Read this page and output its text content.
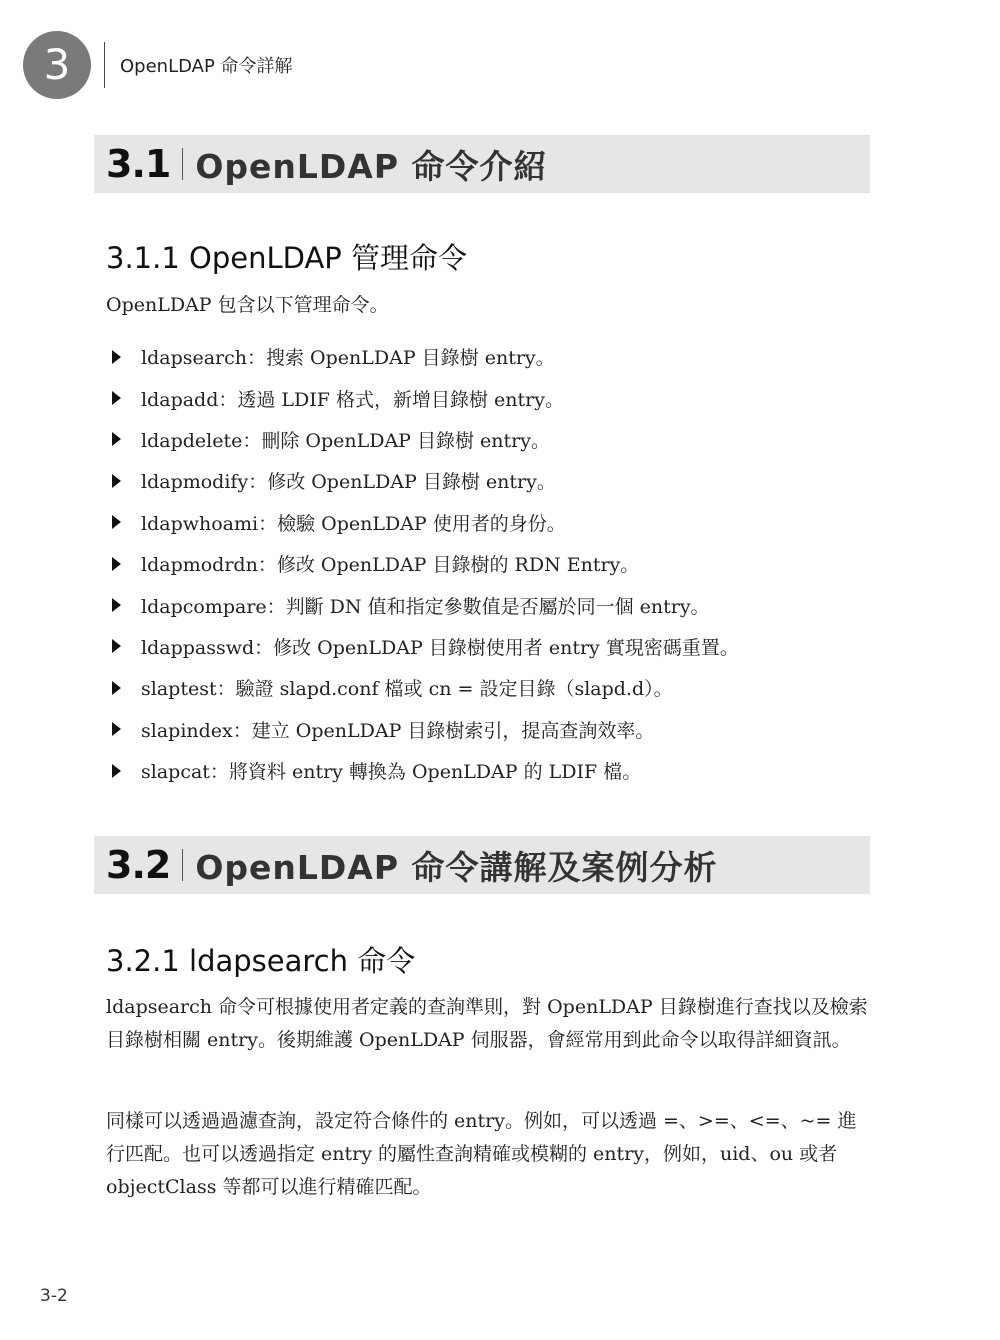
3	OpenLDAP 命令詳解
3.1 OpenLDAP 命令介紹
3.1.1 OpenLDAP 管理命令

OpenLDAP 包含以下管理命令。

ldapsearch：搜索 OpenLDAP 目錄樹 entry。
ldapadd：透過 LDIF 格式，新增目錄樹 entry。
ldapdelete：刪除 OpenLDAP 目錄樹 entry。
ldapmodify：修改 OpenLDAP 目錄樹 entry。
ldapwhoami：檢驗 OpenLDAP 使用者的身份。
ldapmodrdn：修改 OpenLDAP 目錄樹的 RDN Entry。
ldapcompare：判斷 DN 值和指定參數值是否屬於同一個 entry。
ldappasswd：修改 OpenLDAP 目錄樹使用者 entry 實現密碼重置。
slaptest：驗證 slapd.conf 檔或 cn = 設定目錄（slapd.d）。
slapindex：建立 OpenLDAP 目錄樹索引，提高查詢效率。
slapcat：將資料 entry 轉換為 OpenLDAP 的 LDIF 檔。
3.2 OpenLDAP 命令講解及案例分析
3.2.1 ldapsearch 命令

ldapsearch 命令可根據使用者定義的查詢準則，對 OpenLDAP 目錄樹進行查找以及檢索目錄樹相關 entry。後期維護 OpenLDAP 伺服器，會經常用到此命令以取得詳細資訊。

同樣可以透過過濾查詢，設定符合條件的 entry。例如，可以透過 =、>=、<=、~= 進行匹配。也可以透過指定 entry 的屬性查詢精確或模糊的 entry，例如，uid、ou 或者 objectClass 等都可以進行精確匹配。

3-2
